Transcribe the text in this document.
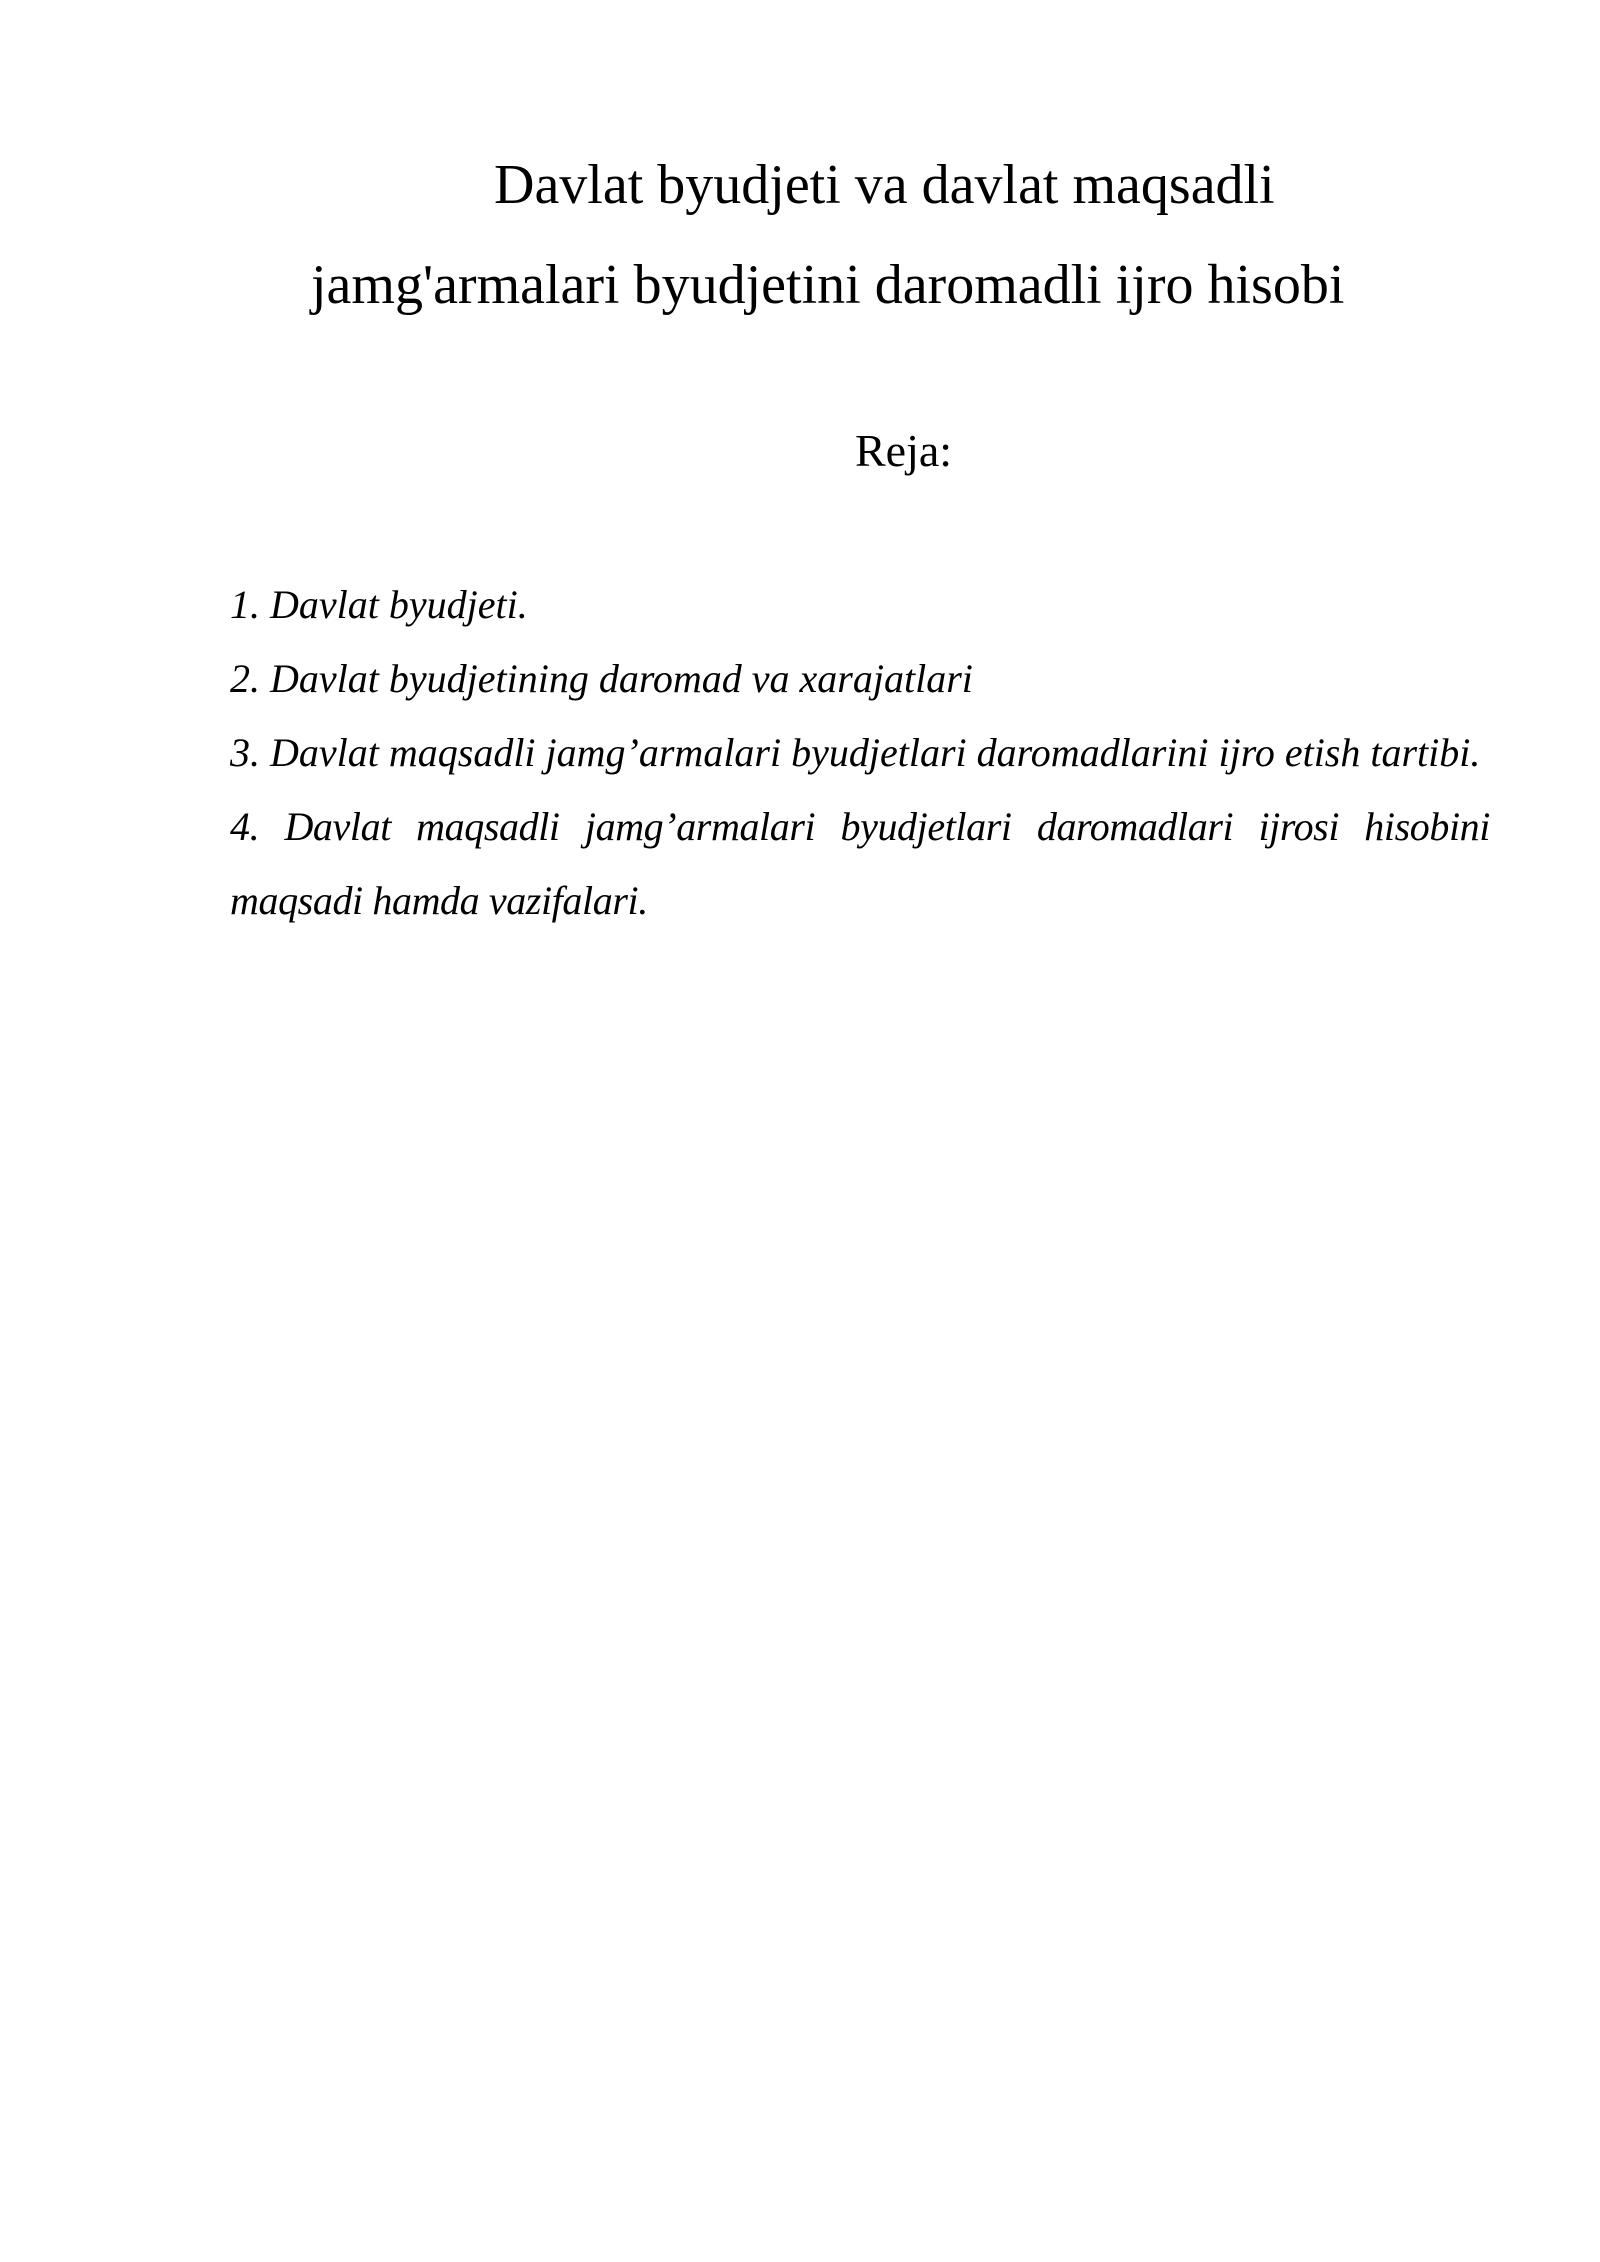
Davlat byudjeti va davlat maqsadli
jamg'armalari byudjetini daromadli ijro hisobi
Reja:
1. Davlat byudjeti.
2. Davlat byudjetining daromad va xarajatlari
3. Davlat maqsadli jamg’armalari byudjetlari daromadlarini ijro etish tartibi.
4. Davlat maqsadli jamg’armalari byudjetlari daromadlari ijrosi hisobini maqsadi hamda vazifalari.
